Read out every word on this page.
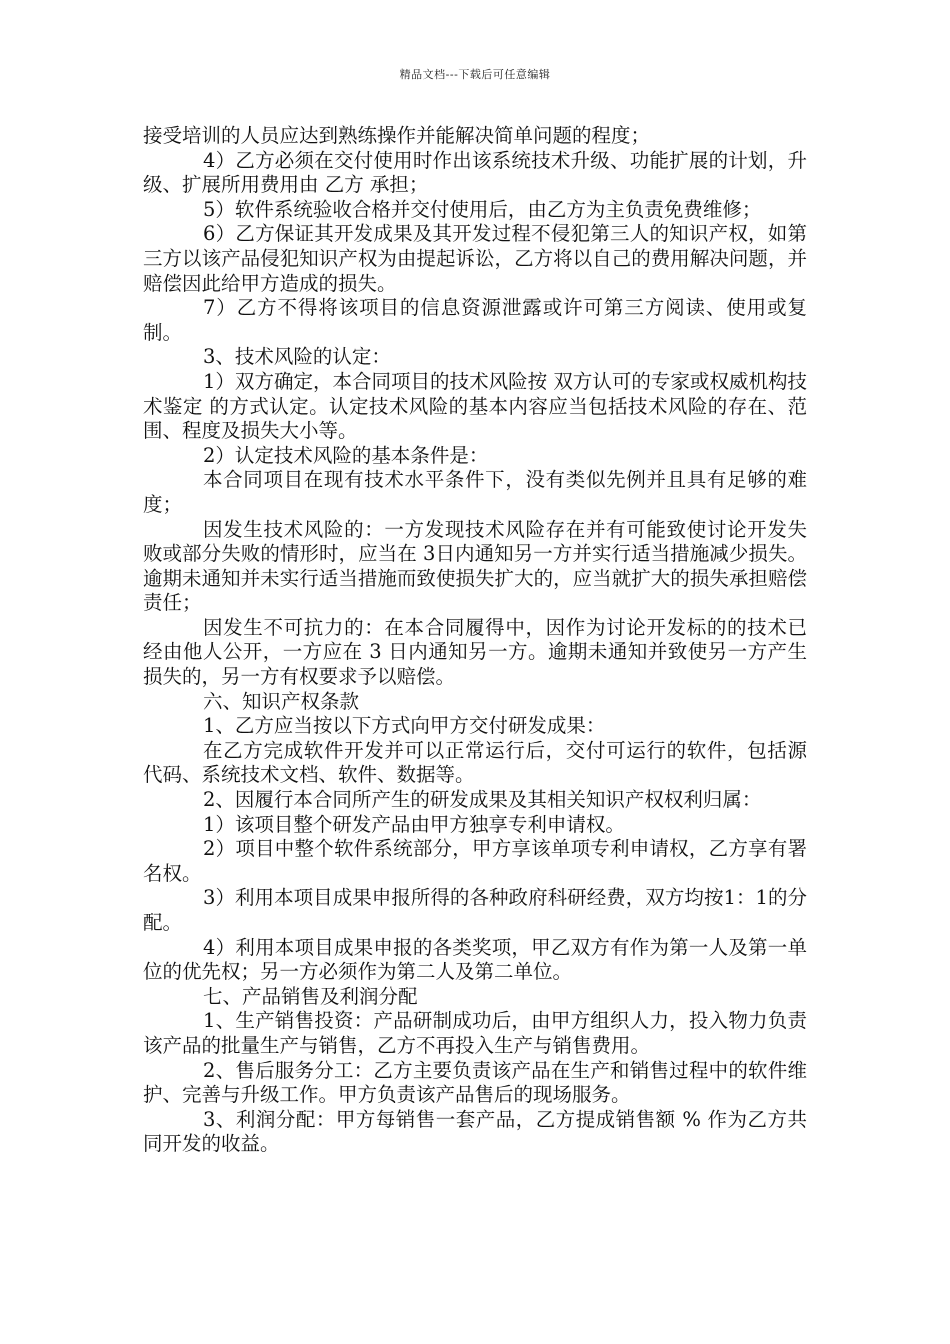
精品文档---下载后可任意编辑

接受培训的人员应达到熟练操作并能解决简单问题的程度；

4）乙方必须在交付使用时作出该系统技术升级、功能扩展的计划，升级、扩展所用费用由 乙方 承担；

5）软件系统验收合格并交付使用后，由乙方为主负责免费维修；

6）乙方保证其开发成果及其开发过程不侵犯第三人的知识产权，如第三方以该产品侵犯知识产权为由提起诉讼，乙方将以自己的费用解决问题，并赔偿因此给甲方造成的损失。

7）乙方不得将该项目的信息资源泄露或许可第三方阅读、使用或复制。

3、技术风险的认定：

1）双方确定，本合同项目的技术风险按 双方认可的专家或权威机构技术鉴定 的方式认定。认定技术风险的基本内容应当包括技术风险的存在、范围、程度及损失大小等。

2）认定技术风险的基本条件是：

本合同项目在现有技术水平条件下，没有类似先例并且具有足够的难度；

因发生技术风险的：一方发现技术风险存在并有可能致使讨论开发失败或部分失败的情形时，应当在 3日内通知另一方并实行适当措施减少损失。逾期未通知并未实行适当措施而致使损失扩大的，应当就扩大的损失承担赔偿责任；

因发生不可抗力的：在本合同履得中，因作为讨论开发标的的技术已经由他人公开，一方应在 3 日内通知另一方。逾期未通知并致使另一方产生损失的，另一方有权要求予以赔偿。

六、知识产权条款

1、乙方应当按以下方式向甲方交付研发成果：

在乙方完成软件开发并可以正常运行后，交付可运行的软件，包括源代码、系统技术文档、软件、数据等。

2、因履行本合同所产生的研发成果及其相关知识产权权利归属：

1）该项目整个研发产品由甲方独享专利申请权。

2）项目中整个软件系统部分，甲方享该单项专利申请权，乙方享有署名权。

3）利用本项目成果申报所得的各种政府科研经费，双方均按1：1的分配。

4）利用本项目成果申报的各类奖项，甲乙双方有作为第一人及第一单位的优先权；另一方必须作为第二人及第二单位。

七、产品销售及利润分配

1、生产销售投资：产品研制成功后，由甲方组织人力，投入物力负责该产品的批量生产与销售，乙方不再投入生产与销售费用。

2、售后服务分工：乙方主要负责该产品在生产和销售过程中的软件维护、完善与升级工作。甲方负责该产品售后的现场服务。

3、利润分配：甲方每销售一套产品，乙方提成销售额 % 作为乙方共同开发的收益。
